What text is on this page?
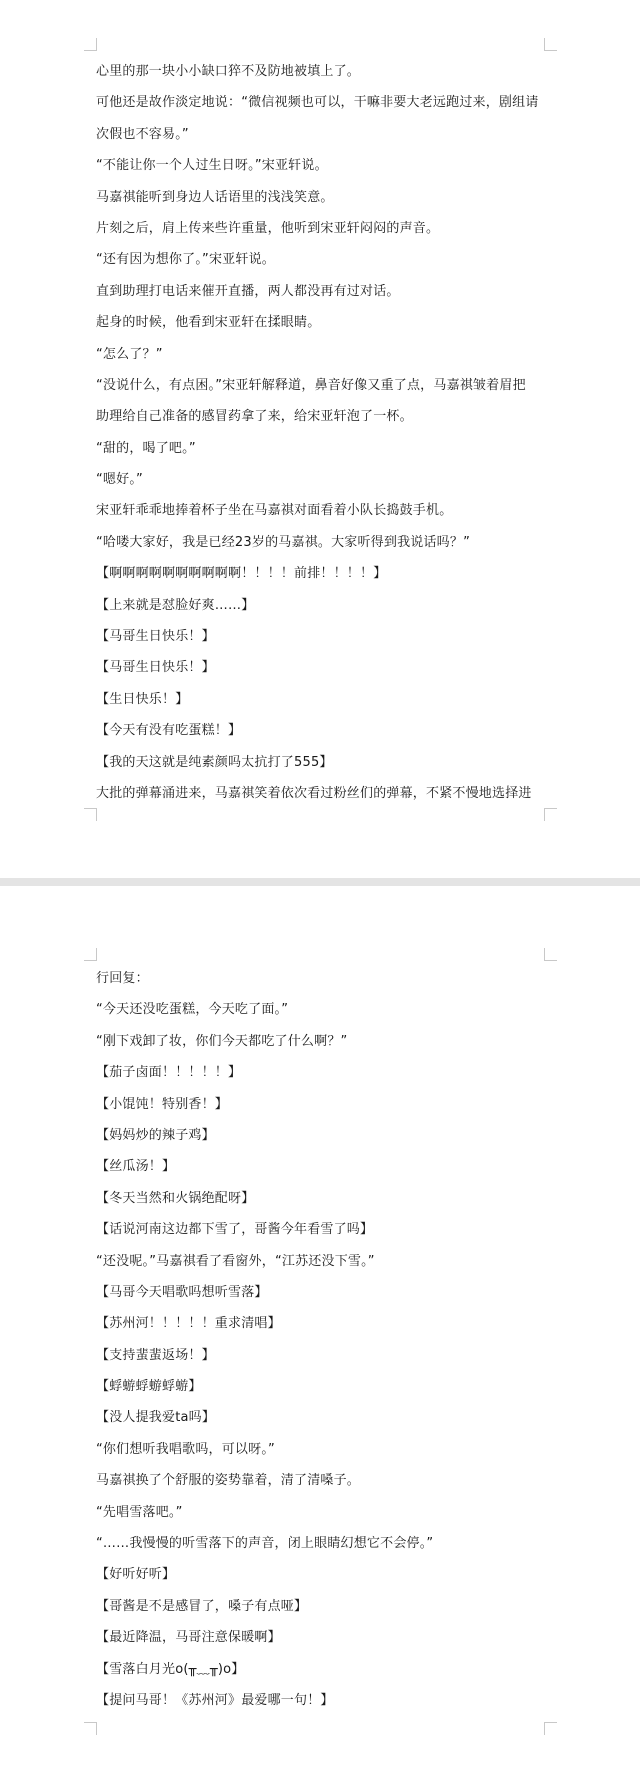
心里的那一块小小缺口猝不及防地被填上了。
可他还是故作淡定地说：“微信视频也可以，干嘛非要大老远跑过来，剧组请
次假也不容易。”
“不能让你一个人过生日呀。”宋亚轩说。
马嘉祺能听到身边人话语里的浅浅笑意。
片刻之后，肩上传来些许重量，他听到宋亚轩闷闷的声音。
“还有因为想你了。”宋亚轩说。
直到助理打电话来催开直播，两人都没再有过对话。
起身的时候，他看到宋亚轩在揉眼睛。
“怎么了？”
“没说什么，有点困。”宋亚轩解释道，鼻音好像又重了点，马嘉祺皱着眉把
助理给自己准备的感冒药拿了来，给宋亚轩泡了一杯。
“甜的，喝了吧。”
“嗯好。”
宋亚轩乖乖地捧着杯子坐在马嘉祺对面看着小队长捣鼓手机。
“哈喽大家好，我是已经23岁的马嘉祺。大家听得到我说话吗？”
【啊啊啊啊啊啊啊啊啊啊！！！！前排！！！！】
【上来就是怼脸好爽……】
【马哥生日快乐！】
【马哥生日快乐！】
【生日快乐！】
【今天有没有吃蛋糕！】
【我的天这就是纯素颜吗太抗打了555】
大批的弹幕涌进来，马嘉祺笑着依次看过粉丝们的弹幕，不紧不慢地选择进
行回复：
“今天还没吃蛋糕，今天吃了面。”
“刚下戏卸了妆，你们今天都吃了什么啊？”
【茄子卤面！！！！！】
【小馄饨！特别香！】
【妈妈炒的辣子鸡】
【丝瓜汤！】
【冬天当然和火锅绝配呀】
【话说河南这边都下雪了，哥酱今年看雪了吗】
“还没呢。”马嘉祺看了看窗外，“江苏还没下雪。”
【马哥今天唱歌吗想听雪落】
【苏州河！！！！！重求清唱】
【支持蜚蜚返场！】
【蜉蝣蜉蝣蜉蝣】
【没人提我爱ta吗】
“你们想听我唱歌吗，可以呀。”
马嘉祺换了个舒服的姿势靠着，清了清嗓子。
“先唱雪落吧。”
“……我慢慢的听雪落下的声音，闭上眼睛幻想它不会停。”
【好听好听】
【哥酱是不是感冒了，嗓子有点哑】
【最近降温，马哥注意保暖啊】
【雪落白月光o(╥﹏╥)o】
【提问马哥！《苏州河》最爱哪一句！】
